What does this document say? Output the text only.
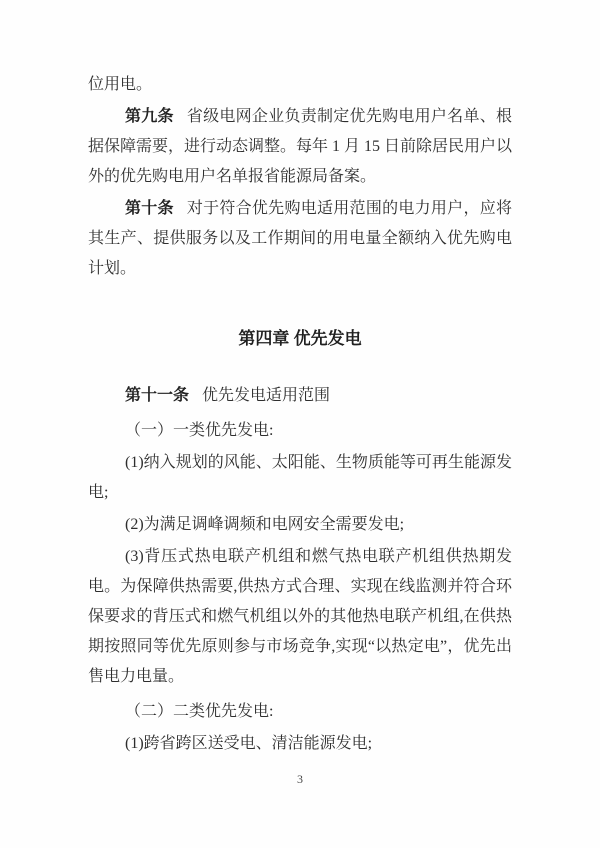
位用电。

第九条 省级电网企业负责制定优先购电用户名单、根据保障需要，进行动态调整。每年 1 月 15 日前除居民用户以外的优先购电用户名单报省能源局备案。

第十条 对于符合优先购电适用范围的电力用户，应将其生产、提供服务以及工作期间的用电量全额纳入优先购电计划。

第四章 优先发电

第十一条 优先发电适用范围

（一）一类优先发电:

(1)纳入规划的风能、太阳能、生物质能等可再生能源发电;

(2)为满足调峰调频和电网安全需要发电;

(3)背压式热电联产机组和燃气热电联产机组供热期发电。为保障供热需要,供热方式合理、实现在线监测并符合环保要求的背压式和燃气机组以外的其他热电联产机组,在供热期按照同等优先原则参与市场竞争,实现“以热定电”，优先出售电力电量。

（二）二类优先发电:

(1)跨省跨区送受电、清洁能源发电;

3
